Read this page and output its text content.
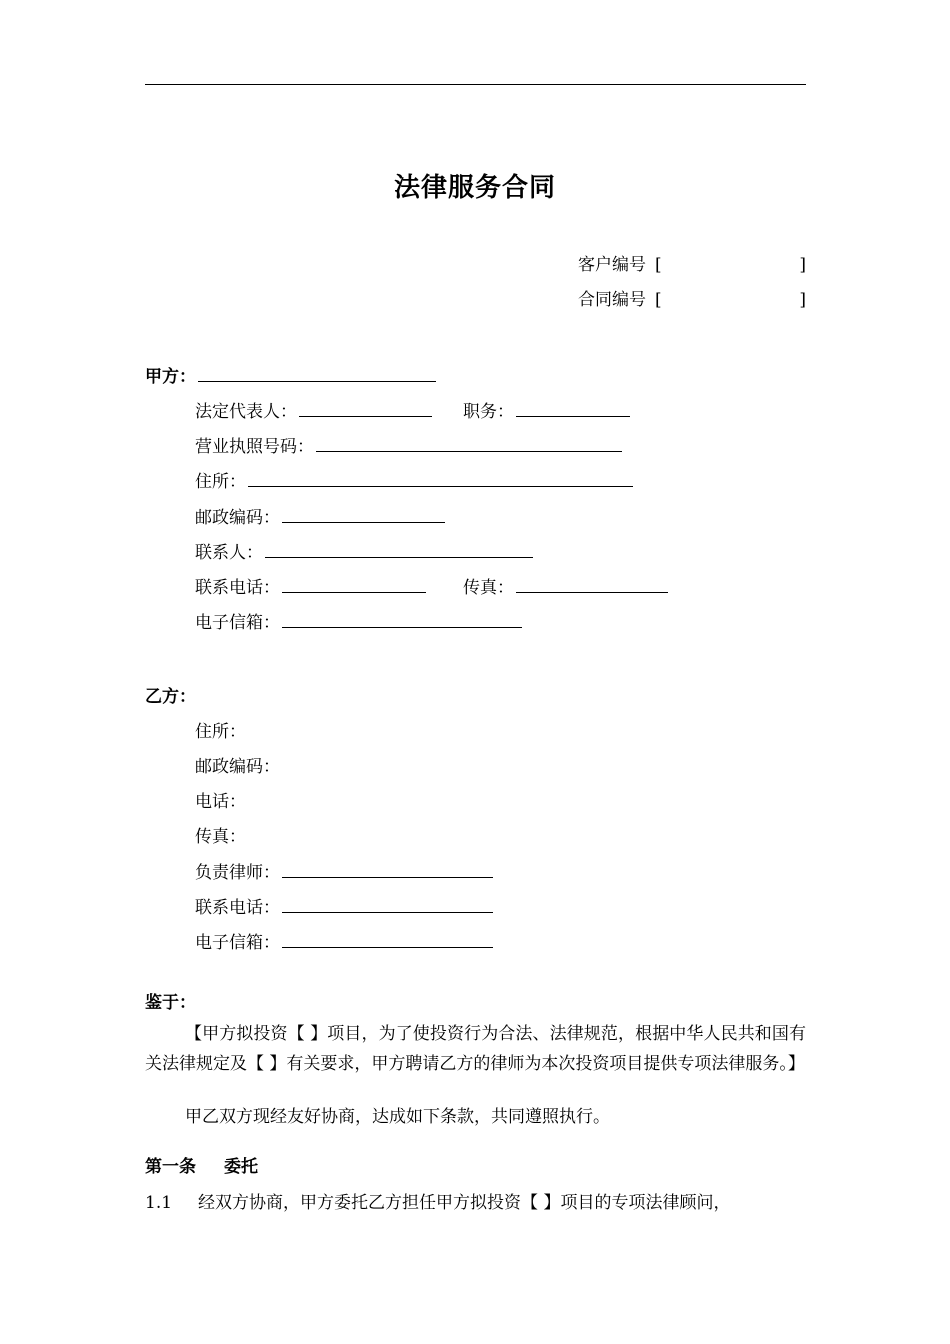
法律服务合同
客户编号 [	]
合同编号 [	]
甲方：
法定代表人：	职务：
营业执照号码：
住所：
邮政编码：
联系人：
联系电话：	传真：
电子信箱：
乙方：
住所：
邮政编码：
电话：
传真：
负责律师：
联系电话：
电子信箱：
鉴于：
【甲方拟投资【 】项目，为了使投资行为合法、法律规范，根据中华人民共和国有关法律规定及【 】有关要求，甲方聘请乙方的律师为本次投资项目提供专项法律服务。】
甲乙双方现经友好协商，达成如下条款，共同遵照执行。
第一条 委托
1.1 经双方协商，甲方委托乙方担任甲方拟投资【 】项目的专项法律顾问，
